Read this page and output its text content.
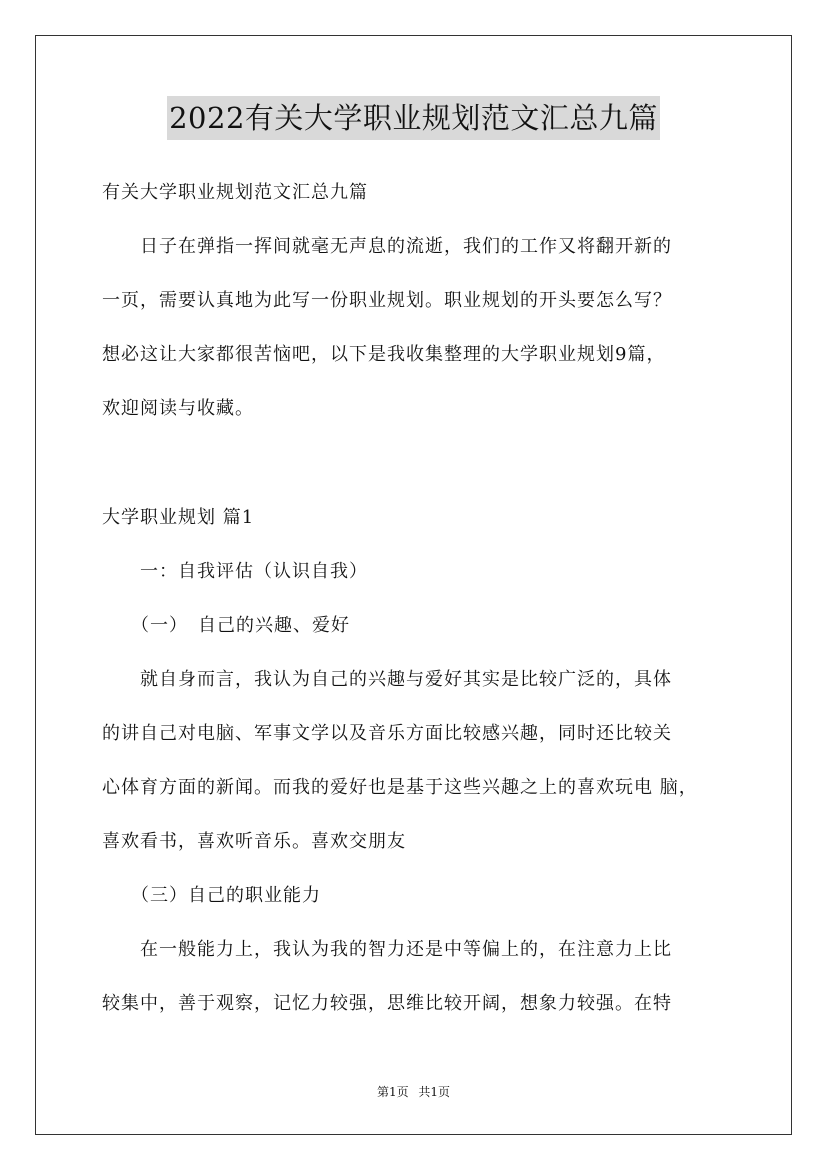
2022有关大学职业规划范文汇总九篇
有关大学职业规划范文汇总九篇
　　日子在弹指一挥间就毫无声息的流逝，我们的工作又将翻开新的
一页，需要认真地为此写一份职业规划。职业规划的开头要怎么写？
想必这让大家都很苦恼吧，以下是我收集整理的大学职业规划9篇，
欢迎阅读与收藏。
大学职业规划 篇1
　　一：自我评估（认识自我）
　　（一）　自己的兴趣、爱好
　　就自身而言，我认为自己的兴趣与爱好其实是比较广泛的，具体
的讲自己对电脑、军事文学以及音乐方面比较感兴趣，同时还比较关
心体育方面的新闻。而我的爱好也是基于这些兴趣之上的喜欢玩电 脑，
喜欢看书，喜欢听音乐。喜欢交朋友
　　（三）自己的职业能力
　　在一般能力上，我认为我的智力还是中等偏上的，在注意力上比
较集中，善于观察，记忆力较强，思维比较开阔，想象力较强。在特
第1页 共1页
